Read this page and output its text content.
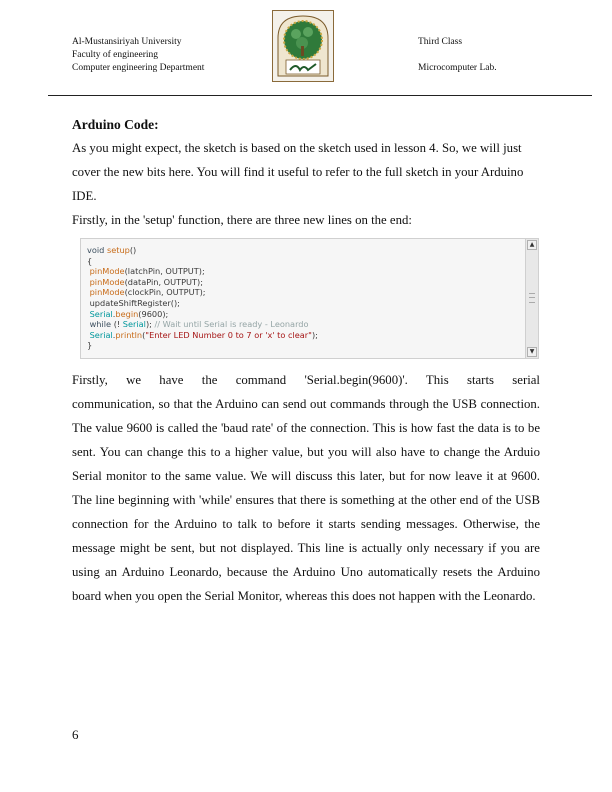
Al-Mustansiriyah University
Faculty of engineering
Computer engineering Department
Third Class
Microcomputer Lab.
Arduino Code:
As you might expect, the sketch is based on the sketch used in lesson 4. So, we will just cover the new bits here. You will find it useful to refer to the full sketch in your Arduino IDE.
Firstly, in the 'setup' function, there are three new lines on the end:
void setup()
{
pinMode(latchPin, OUTPUT);
pinMode(dataPin, OUTPUT);
pinMode(clockPin, OUTPUT);
updateShiftRegister();
Serial.begin(9600);
while (! Serial); // Wait until Serial is ready - Leonardo
Serial.println("Enter LED Number 0 to 7 or 'x' to clear");
}
▲
▼
Firstly, we have the command 'Serial.begin(9600)'. This starts serial
communication, so that the Arduino can send out commands through the USB connection. The value 9600 is called the 'baud rate' of the connection. This is how fast the data is to be sent. You can change this to a higher value, but you will also have to change the Arduio Serial monitor to the same value. We will discuss this later, but for now leave it at 9600. The line beginning with 'while' ensures that there is something at the other end of the USB connection for the Arduino to talk to before it starts sending messages. Otherwise, the message might be sent, but not displayed. This line is actually only necessary if you are using an Arduino Leonardo, because the Arduino Uno automatically resets the Arduino board when you open the Serial Monitor, whereas this does not happen with the Leonardo.
6
